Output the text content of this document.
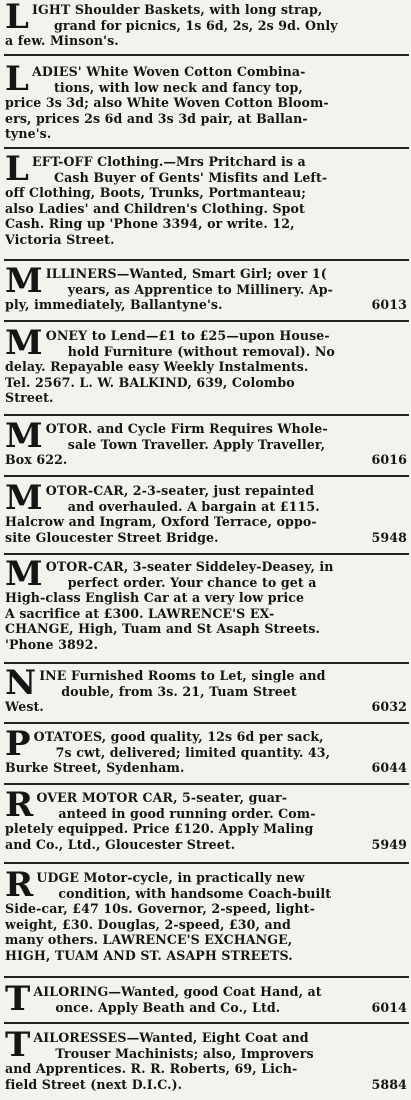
L IGHT Shoulder Baskets, with long strap,
grand for picnics, 1s 6d, 2s, 2s 9d. Only
a few. Minson's.
L ADIES' White Woven Cotton Combina-
tions, with low neck and fancy top,
price 3s 3d; also White Woven Cotton Bloom-
ers, prices 2s 6d and 3s 3d pair, at Ballan-
tyne's.
L EFT-OFF Clothing.—Mrs Pritchard is a
Cash Buyer of Gents' Misfits and Left-
off Clothing, Boots, Trunks, Portmanteau;
also Ladies' and Children's Clothing. Spot
Cash. Ring up 'Phone 3394, or write. 12,
Victoria Street.
M ILLINERS—Wanted, Smart Girl; over 1(
years, as Apprentice to Millinery. Ap-
ply, immediately, Ballantyne's.	6013
M ONEY to Lend—£1 to £25—upon House-
hold Furniture (without removal). No
delay. Repayable easy Weekly Instalments.
Tel. 2567. L. W. BALKIND, 639, Colombo
Street.
M OTOR. and Cycle Firm Requires Whole-
sale Town Traveller. Apply Traveller,
Box 622.	6016
M OTOR-CAR, 2-3-seater, just repainted
and overhauled. A bargain at £115.
Halcrow and Ingram, Oxford Terrace, oppo-
site Gloucester Street Bridge.	5948
M OTOR-CAR, 3-seater Siddeley-Deasey, in
perfect order. Your chance to get a
High-class English Car at a very low price
A sacrifice at £300. LAWRENCE'S EX-
CHANGE, High, Tuam and St Asaph Streets.
'Phone 3892.
N INE Furnished Rooms to Let, single and
double, from 3s. 21, Tuam Street
West.	6032
P OTATOES, good quality, 12s 6d per sack,
7s cwt, delivered; limited quantity. 43,
Burke Street, Sydenham.	6044
R OVER MOTOR CAR, 5-seater, guar-
anteed in good running order. Com-
pletely equipped. Price £120. Apply Maling
and Co., Ltd., Gloucester Street.	5949
R UDGE Motor-cycle, in practically new
condition, with handsome Coach-built
Side-car, £47 10s. Governor, 2-speed, light-
weight, £30. Douglas, 2-speed, £30, and
many others. LAWRENCE'S EXCHANGE,
HIGH, TUAM AND ST. ASAPH STREETS.
T AILORING—Wanted, good Coat Hand, at
once. Apply Beath and Co., Ltd.	6014
T AILORESSES—Wanted, Eight Coat and
Trouser Machinists; also, Improvers
and Apprentices. R. R. Roberts, 69, Lich-
field Street (next D.I.C.).	5884
